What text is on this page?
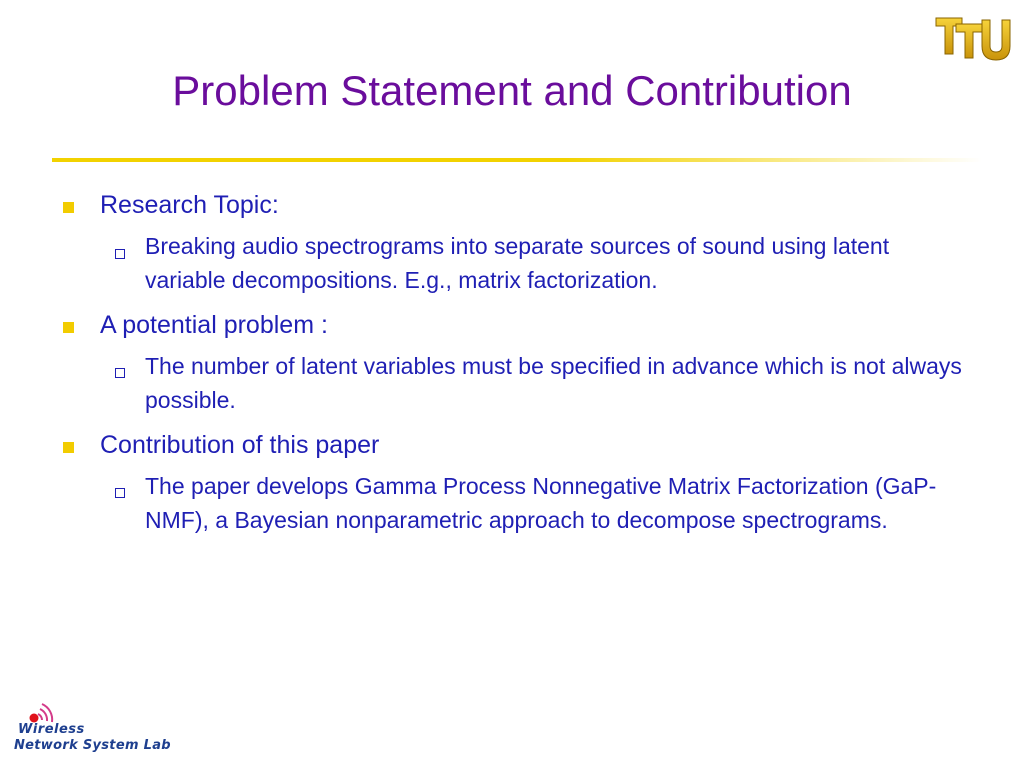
Problem Statement and Contribution
Research Topic:
Breaking audio spectrograms into separate sources of sound using latent variable decompositions. E.g., matrix factorization.
A potential problem :
The number of latent variables must be specified in advance which is not always possible.
Contribution of this paper
The paper develops Gamma Process Nonnegative Matrix Factorization (GaP-NMF), a Bayesian nonparametric approach to decompose spectrograms.
Wireless
Network System Lab
